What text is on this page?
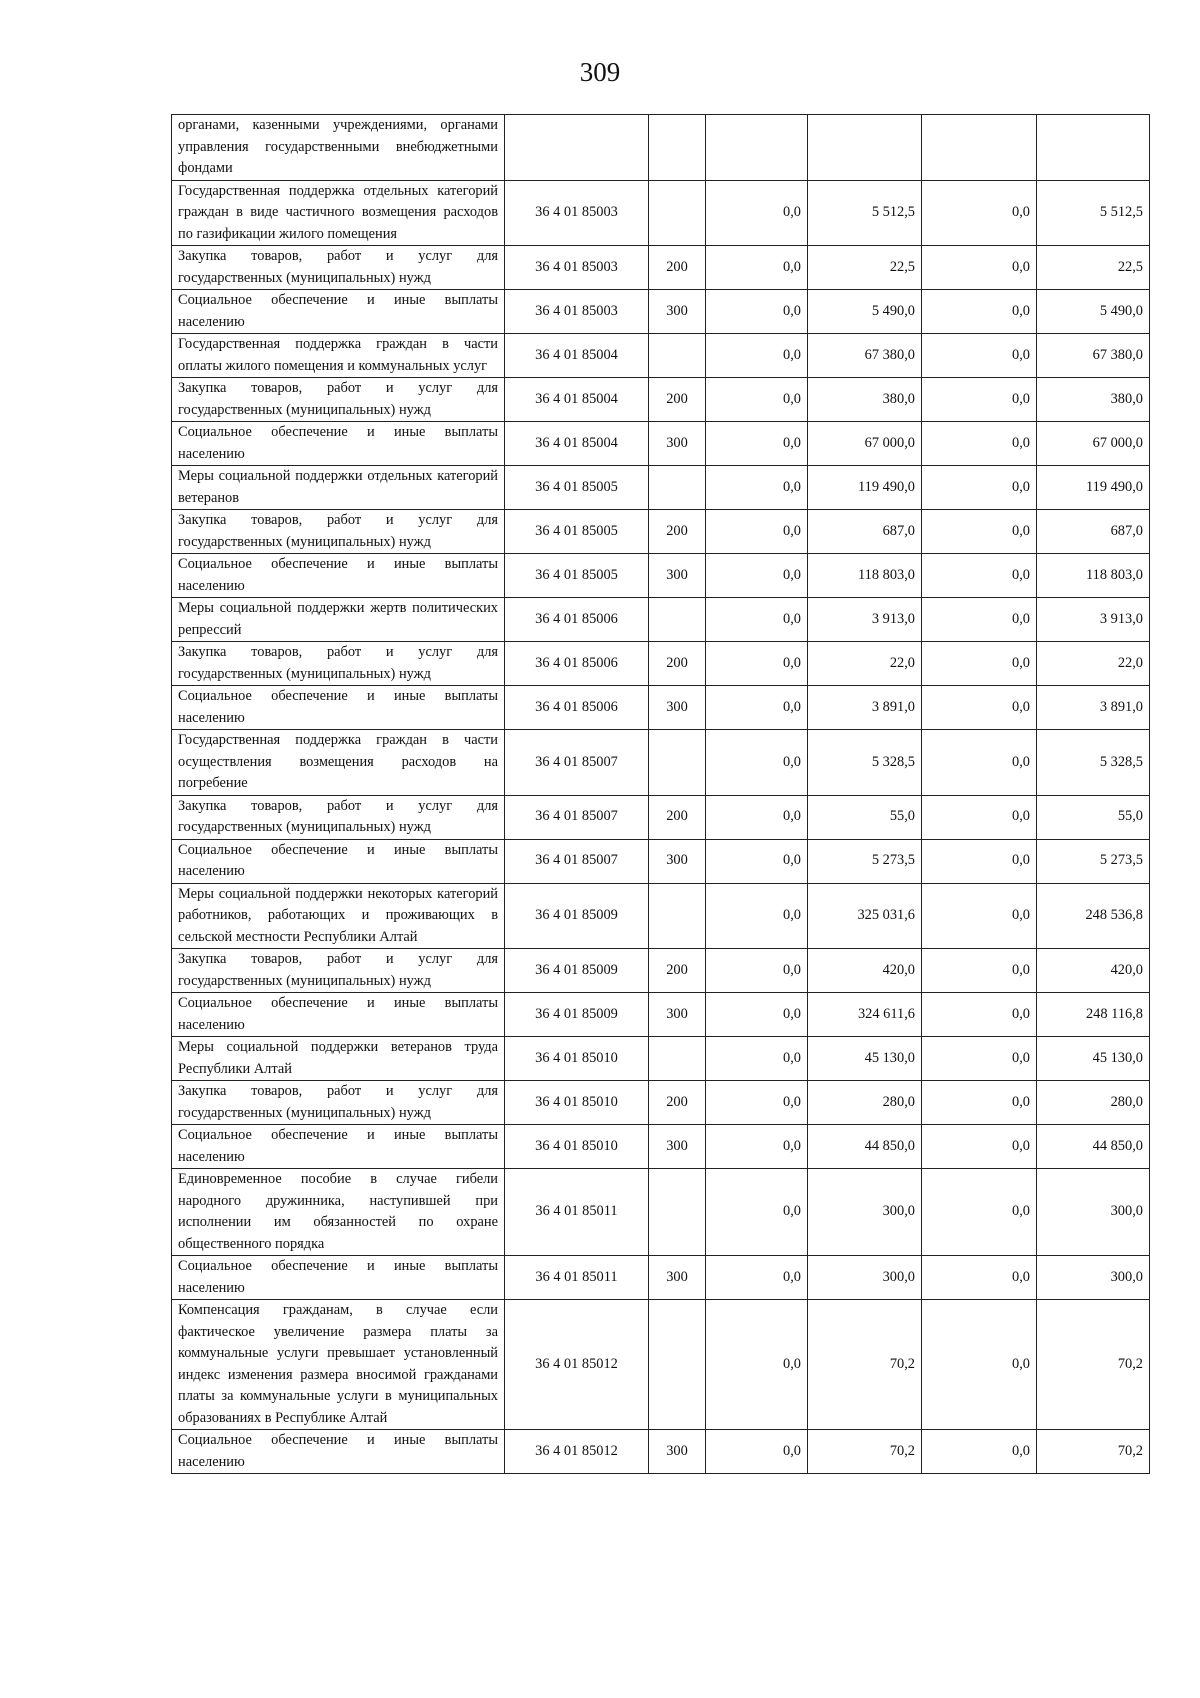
309
органами, казенными учреждениями, органами управления государственными внебюджетными фондами						
Государственная поддержка отдельных категорий граждан в виде частичного возмещения расходов по газификации жилого помещения	36 4 01 85003		0,0	5 512,5	0,0	5 512,5
Закупка товаров, работ и услуг для государственных (муниципальных) нужд	36 4 01 85003	200	0,0	22,5	0,0	22,5
Социальное обеспечение и иные выплаты населению	36 4 01 85003	300	0,0	5 490,0	0,0	5 490,0
Государственная поддержка граждан в части оплаты жилого помещения и коммунальных услуг	36 4 01 85004		0,0	67 380,0	0,0	67 380,0
Закупка товаров, работ и услуг для государственных (муниципальных) нужд	36 4 01 85004	200	0,0	380,0	0,0	380,0
Социальное обеспечение и иные выплаты населению	36 4 01 85004	300	0,0	67 000,0	0,0	67 000,0
Меры социальной поддержки отдельных категорий ветеранов	36 4 01 85005		0,0	119 490,0	0,0	119 490,0
Закупка товаров, работ и услуг для государственных (муниципальных) нужд	36 4 01 85005	200	0,0	687,0	0,0	687,0
Социальное обеспечение и иные выплаты населению	36 4 01 85005	300	0,0	118 803,0	0,0	118 803,0
Меры социальной поддержки жертв политических репрессий	36 4 01 85006		0,0	3 913,0	0,0	3 913,0
Закупка товаров, работ и услуг для государственных (муниципальных) нужд	36 4 01 85006	200	0,0	22,0	0,0	22,0
Социальное обеспечение и иные выплаты населению	36 4 01 85006	300	0,0	3 891,0	0,0	3 891,0
Государственная поддержка граждан в части осуществления возмещения расходов на погребение	36 4 01 85007		0,0	5 328,5	0,0	5 328,5
Закупка товаров, работ и услуг для государственных (муниципальных) нужд	36 4 01 85007	200	0,0	55,0	0,0	55,0
Социальное обеспечение и иные выплаты населению	36 4 01 85007	300	0,0	5 273,5	0,0	5 273,5
Меры социальной поддержки некоторых категорий работников, работающих и проживающих в сельской местности Республики Алтай	36 4 01 85009		0,0	325 031,6	0,0	248 536,8
Закупка товаров, работ и услуг для государственных (муниципальных) нужд	36 4 01 85009	200	0,0	420,0	0,0	420,0
Социальное обеспечение и иные выплаты населению	36 4 01 85009	300	0,0	324 611,6	0,0	248 116,8
Меры социальной поддержки ветеранов труда Республики Алтай	36 4 01 85010		0,0	45 130,0	0,0	45 130,0
Закупка товаров, работ и услуг для государственных (муниципальных) нужд	36 4 01 85010	200	0,0	280,0	0,0	280,0
Социальное обеспечение и иные выплаты населению	36 4 01 85010	300	0,0	44 850,0	0,0	44 850,0
Единовременное пособие в случае гибели народного дружинника, наступившей при исполнении им обязанностей по охране общественного порядка	36 4 01 85011		0,0	300,0	0,0	300,0
Социальное обеспечение и иные выплаты населению	36 4 01 85011	300	0,0	300,0	0,0	300,0
Компенсация гражданам, в случае если фактическое увеличение размера платы за коммунальные услуги превышает установленный индекс изменения размера вносимой гражданами платы за коммунальные услуги в муниципальных образованиях в Республике Алтай	36 4 01 85012		0,0	70,2	0,0	70,2
Социальное обеспечение и иные выплаты населению	36 4 01 85012	300	0,0	70,2	0,0	70,2
